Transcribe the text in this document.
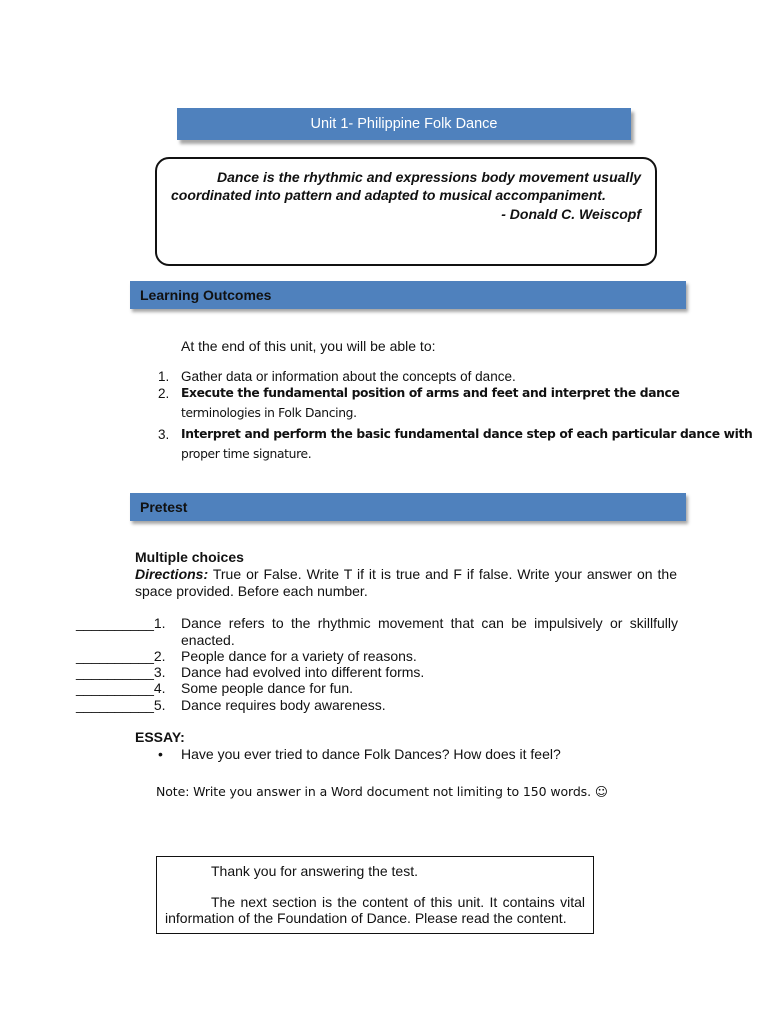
Unit 1- Philippine Folk Dance
Dance is the rhythmic and expressions body movement usually coordinated into pattern and adapted to musical accompaniment.
- Donald C. Weiscopf
Learning Outcomes
At the end of this unit, you will be able to:
1. Gather data or information about the concepts of dance.
2. Execute the fundamental position of arms and feet and interpret the dance
terminologies in Folk Dancing.
3. Interpret and perform the basic fundamental dance step of each particular dance with
proper time signature.
Pretest
Multiple choices
Directions: True or False. Write T if it is true and F if false. Write your answer on the space provided. Before each number.
__________1. Dance refers to the rhythmic movement that can be impulsively or skillfully enacted.
__________2. People dance for a variety of reasons.
__________3. Dance had evolved into different forms.
__________4. Some people dance for fun.
__________5. Dance requires body awareness.
ESSAY:
• Have you ever tried to dance Folk Dances? How does it feel?
Note: Write you answer in a Word document not limiting to 150 words. ☺
Thank you for answering the test.
The next section is the content of this unit. It contains vital information of the Foundation of Dance. Please read the content.
